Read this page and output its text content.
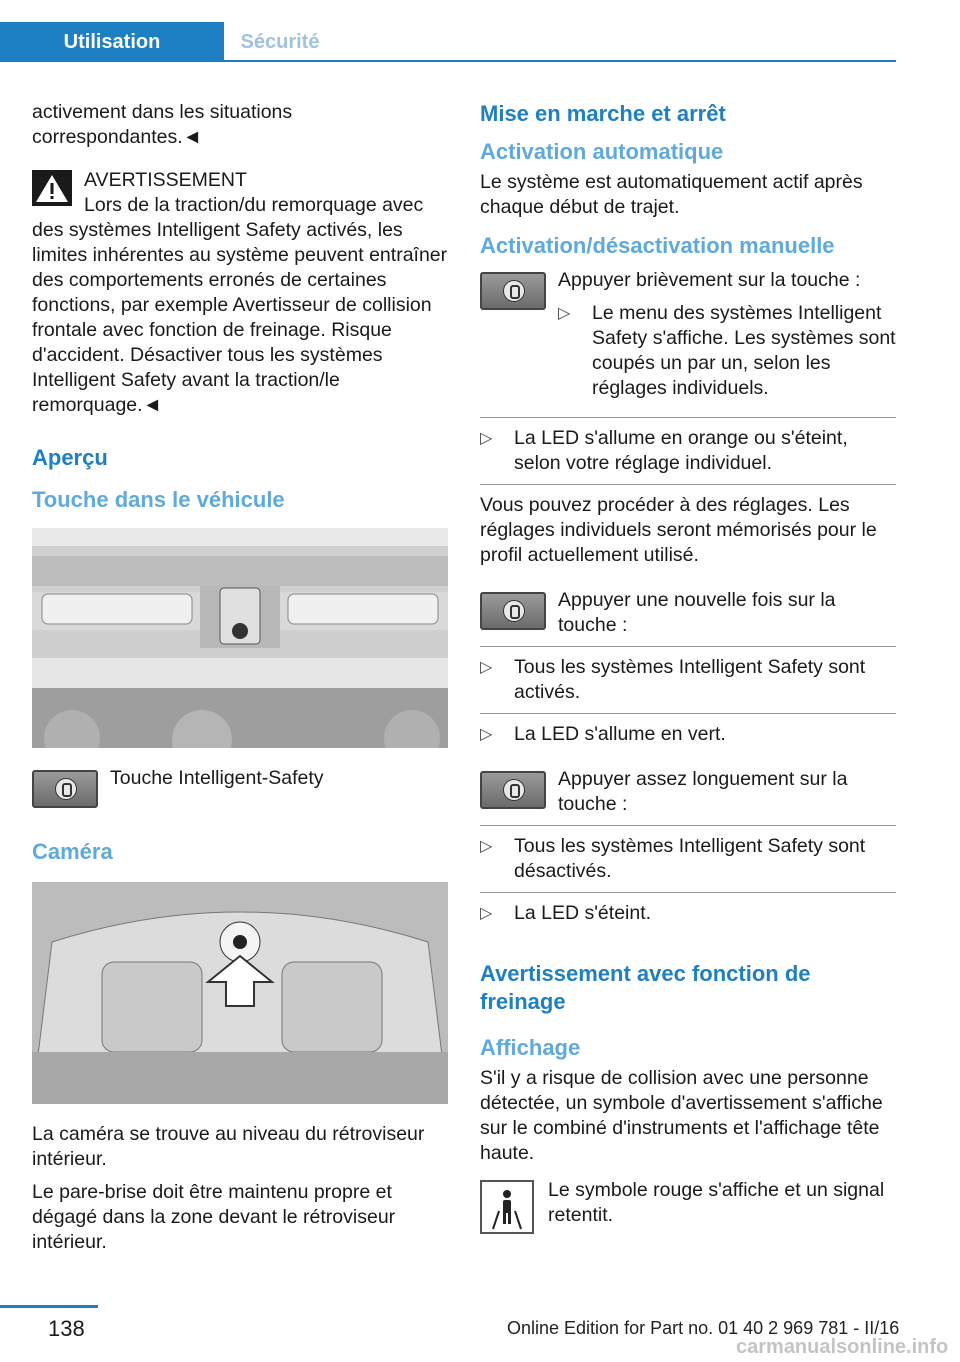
Utilisation	Sécurité

activement dans les situations correspondantes.◄

AVERTISSEMENT

Lors de la traction/du remorquage avec

des systèmes Intelligent Safety activés, les limites inhérentes au système peuvent entraîner des comportements erronés de certaines fonctions, par exemple Avertisseur de collision frontale avec fonction de freinage. Risque d'accident. Désactiver tous les systèmes Intelligent Safety avant la traction/le remorquage.◄

Aperçu
Touche dans le véhicule
Touche Intelligent-Safety
Caméra

La caméra se trouve au niveau du rétroviseur intérieur.

Le pare-brise doit être maintenu propre et dégagé dans la zone devant le rétroviseur intérieur.

Mise en marche et arrêt
Activation automatique

Le système est automatiquement actif après chaque début de trajet.

Activation/désactivation manuelle

Appuyer brièvement sur la touche :

▷ Le menu des systèmes Intelligent Safety s'affiche. Les systèmes sont coupés un par un, selon les réglages individuels.
▷ La LED s'allume en orange ou s'éteint, selon votre réglage individuel.

Vous pouvez procéder à des réglages. Les réglages individuels seront mémorisés pour le profil actuellement utilisé.

Appuyer une nouvelle fois sur la touche :
▷ Tous les systèmes Intelligent Safety sont activés.
▷ La LED s'allume en vert.
Appuyer assez longuement sur la touche :
▷ Tous les systèmes Intelligent Safety sont désactivés.
▷ La LED s'éteint.
Avertissement avec fonction de freinage
Affichage

S'il y a risque de collision avec une personne détectée, un symbole d'avertissement s'affiche sur le combiné d'instruments et l'affichage tête haute.

Le symbole rouge s'affiche et un signal retentit.
138	Online Edition for Part no. 01 40 2 969 781 - II/16
carmanualsonline.info
